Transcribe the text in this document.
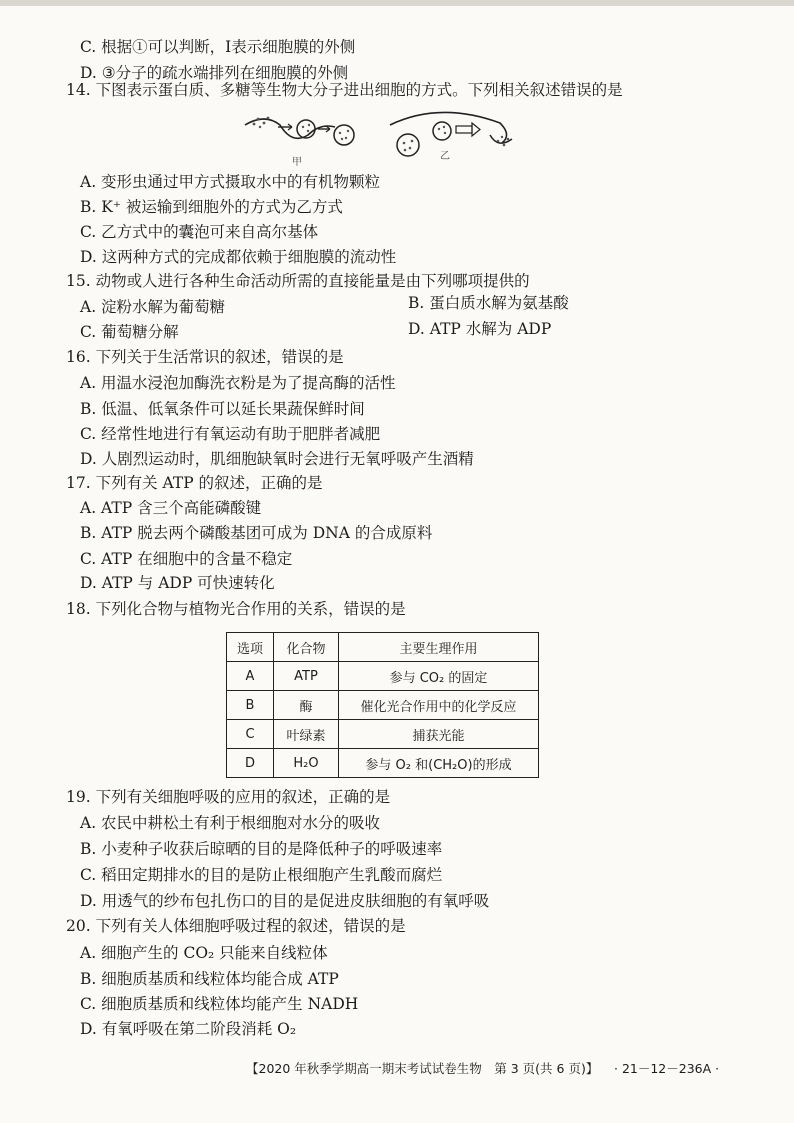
C. 根据①可以判断，Ⅰ表示细胞膜的外侧
D. ③分子的疏水端排列在细胞膜的外侧
14. 下图表示蛋白质、多糖等生物大分子进出细胞的方式。下列相关叙述错误的是
甲
乙
A. 变形虫通过甲方式摄取水中的有机物颗粒
B. K⁺ 被运输到细胞外的方式为乙方式
C. 乙方式中的囊泡可来自高尔基体
D. 这两种方式的完成都依赖于细胞膜的流动性
15. 动物或人进行各种生命活动所需的直接能量是由下列哪项提供的
A. 淀粉水解为葡萄糖	B. 蛋白质水解为氨基酸
C. 葡萄糖分解	D. ATP 水解为 ADP
16. 下列关于生活常识的叙述，错误的是
A. 用温水浸泡加酶洗衣粉是为了提高酶的活性
B. 低温、低氧条件可以延长果蔬保鲜时间
C. 经常性地进行有氧运动有助于肥胖者减肥
D. 人剧烈运动时，肌细胞缺氧时会进行无氧呼吸产生酒精
17. 下列有关 ATP 的叙述，正确的是
A. ATP 含三个高能磷酸键
B. ATP 脱去两个磷酸基团可成为 DNA 的合成原料
C. ATP 在细胞中的含量不稳定
D. ATP 与 ADP 可快速转化
18. 下列化合物与植物光合作用的关系，错误的是
选项	化合物	主要生理作用
A	ATP	参与 CO₂ 的固定
B	酶	催化光合作用中的化学反应
C	叶绿素	捕获光能
D	H₂O	参与 O₂ 和(CH₂O)的形成
19. 下列有关细胞呼吸的应用的叙述，正确的是
A. 农民中耕松土有利于根细胞对水分的吸收
B. 小麦种子收获后晾晒的目的是降低种子的呼吸速率
C. 稻田定期排水的目的是防止根细胞产生乳酸而腐烂
D. 用透气的纱布包扎伤口的目的是促进皮肤细胞的有氧呼吸
20. 下列有关人体细胞呼吸过程的叙述，错误的是
A. 细胞产生的 CO₂ 只能来自线粒体
B. 细胞质基质和线粒体均能合成 ATP
C. 细胞质基质和线粒体均能产生 NADH
D. 有氧呼吸在第二阶段消耗 O₂
【2020 年秋季学期高一期末考试试卷生物　第 3 页(共 6 页)】 · 21－12－236A ·
